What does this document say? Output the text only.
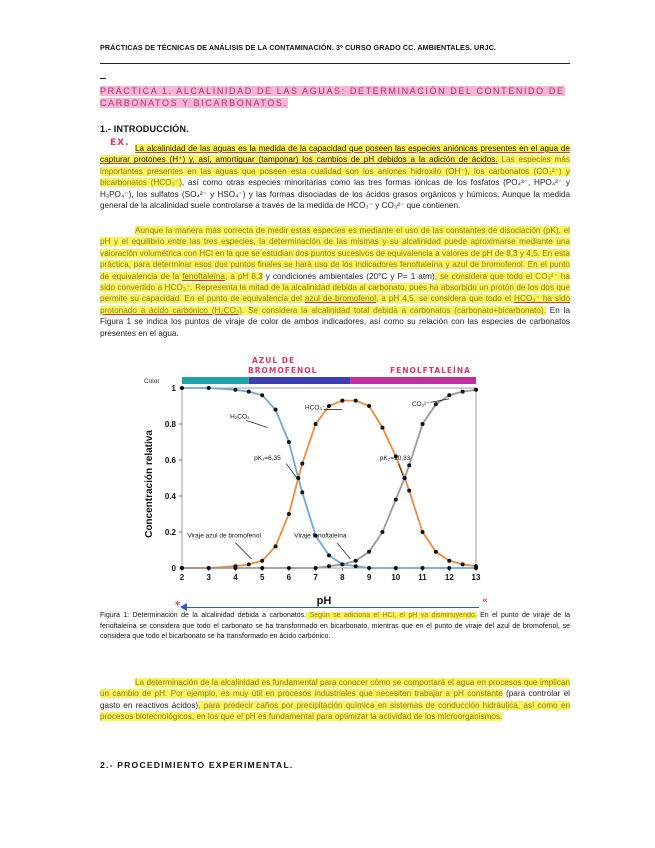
PRÁCTICAS DE TÉCNICAS DE ANÁLISIS DE LA CONTAMINACIÓN. 3º CURSO GRADO CC. AMBIENTALES. URJC.
PRÁCTICA 1. ALCALINIDAD DE LAS AGUAS: DETERMINACIÓN DEL CONTENIDO DE CARBONATOS Y BICARBONATOS.
1.- INTRODUCCIÓN.
EX.
La alcalinidad de las aguas es la medida de la capacidad que poseen las especies aniónicas presentes en el agua de capturar protones (H⁺) y, así, amortiguar (tamponar) los cambios de pH debidos a la adición de ácidos. Las especies más importantes presentes en las aguas que poseen esta cualidad son los aniones hidroxilo (OH⁻), los carbonatos (CO₃²⁻) y bicarbonatos (HCO₃⁻), así como otras especies minoritarias como las tres formas iónicas de los fosfatos (PO₄³⁻, HPO₄²⁻ y H₂PO₄⁻), los sulfatos (SO₄²⁻ y HSO₄⁻) y las formas disociadas de los ácidos grasos orgánicos y húmicos. Aunque la medida general de la alcalinidad suele controlarse a través de la medida de HCO₃⁻ y CO₃²⁻ que contienen.
Aunque la manera más correcta de medir estas especies es mediante el uso de las constantes de disociación (pK), el pH y el equilibrio entre las tres especies, la determinación de las mismas y su alcalinidad puede aproximarse mediante una valoración volumétrica con HCl en la que se estudian dos puntos sucesivos de equivalencia a valores de pH de 8,3 y 4,5. En esta práctica, para determinar esos dos puntos finales se hará uso de los indicadores fenoftaleína y azul de bromofenol. En el punto de equivalencia de la fenoftaleína, a pH 8,3 y condiciones ambientales (20°C y P= 1 atm), se considera que todo el CO₃²⁻ ha sido convertido a HCO₃⁻. Representa la mitad de la alcalinidad debida al carbonato, pues ha absorbido un protón de los dos que permite su capacidad. En el punto de equivalencia del azul de bromofenol, a pH 4,5, se considera que todo el HCO₃⁻ ha sido protonado a ácido carbónico (H₂CO₃). Se considera la alcalinidad total debida a carbonatos (carbonato+bicarbonato). En la Figura 1 se indica los puntos de viraje de color de ambos indicadores, así como su relación con las especies de carbonatos presentes en el agua.
AZUL DE
BROMOFENOL	FENOLFTALEÍNA
Color
H₂CO₃
HCO₃⁻
CO₃²⁻
pK₁=6,35	pK₂=10,33
Viraje azul de bromofenol	Viraje fenoftaleína
2	3	4	5	6	7	8	9	10 11 12 13
0
0.2
0.4
0.6
0.8
1
pH
Concentración relativa
*	«
Figura 1: Determinación de la alcalinidad debida a carbonatos. Según se adiciona el HCl, el pH va disminuyendo. En el punto de viraje de la fenoftaleína se considera que todo el carbonato se ha transformado en bicarbonato, mientras que en el punto de viraje del azul de bromofenol, se considera que todo el bicarbonato se ha transformado en ácido carbónico.
La determinación de la alcalinidad es fundamental para conocer cómo se comportará el agua en procesos que implican un cambio de pH. Por ejemplo, es muy útil en procesos industriales que necesiten trabajar a pH constante (para controlar el gasto en reactivos ácidos), para predecir caños por precipitación química en sistemas de conducción hidráulica, así como en procesos biotecnológicos, en los que el pH es fundamental para optimizar la actividad de los microorganismos.
2.- PROCEDIMIENTO EXPERIMENTAL.
